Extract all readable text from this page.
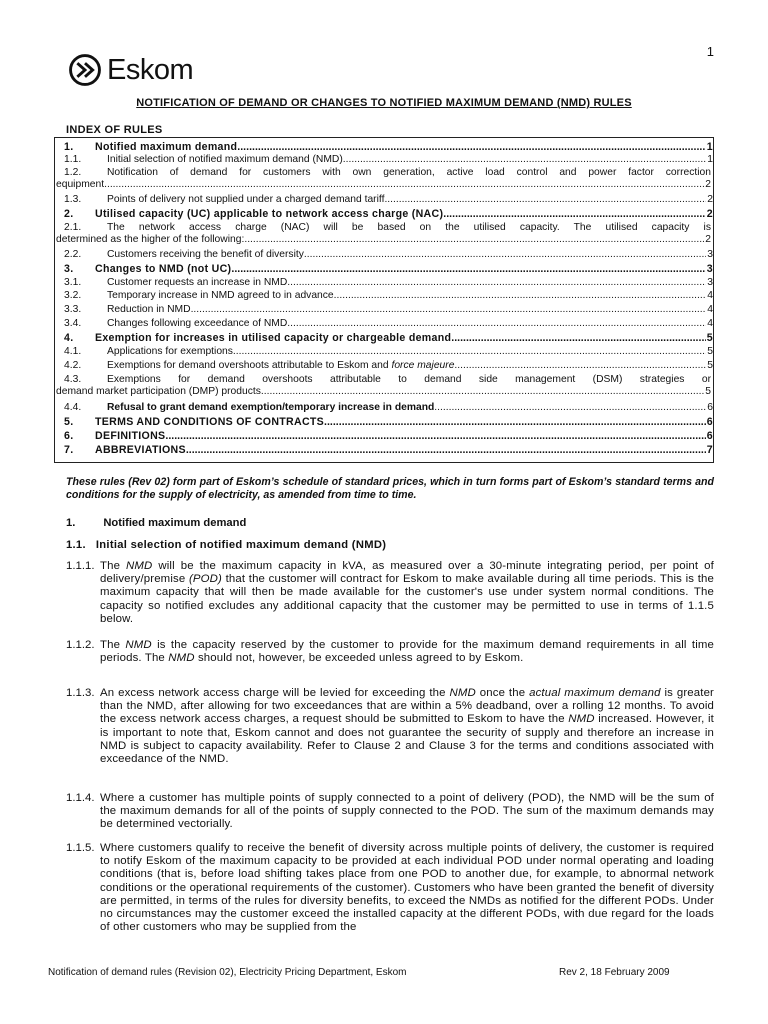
1
Eskom
NOTIFICATION OF DEMAND OR CHANGES TO NOTIFIED MAXIMUM DEMAND (NMD) RULES
INDEX OF RULES
1.	Notified maximum demand .....	1
1.1.	Initial selection of notified maximum demand (NMD) .....	1
1.2.	Notification of demand for customers with own generation, active load control and power factor correction
equipment .....	2
1.3.	Points of delivery not supplied under a charged demand tariff .....	2
2.	Utilised capacity (UC) applicable to network access charge (NAC) .....	2
2.1.	The network access charge (NAC) will be based on the utilised capacity. The utilised capacity is
determined as the higher of the following: .....	2
2.2.	Customers receiving the benefit of diversity .....	3
3.	Changes to NMD (not UC) .....	3
3.1.	Customer requests an increase in NMD .....	3
3.2.	Temporary increase in NMD agreed to in advance .....	4
3.3.	Reduction in NMD .....	4
3.4.	Changes following exceedance of NMD .....	4
4.	Exemption for increases in utilised capacity or chargeable demand .....	5
4.1.	Applications for exemptions .....	5
4.2.	Exemptions for demand overshoots attributable to Eskom and force majeure .....	5
4.3.	Exemptions for demand overshoots attributable to demand side management (DSM) strategies or
demand market participation (DMP) products .....	5
4.4.	Refusal to grant demand exemption/temporary increase in demand .....	6
5.	TERMS AND CONDITIONS OF CONTRACTS .....	6
6.	DEFINITIONS .....	6
7.	ABBREVIATIONS .....	7
These rules (Rev 02) form part of Eskom’s schedule of standard prices, which in turn forms part of Eskom’s standard terms and conditions for the supply of electricity, as amended from time to time.
1.	Notified maximum demand
1.1. Initial selection of notified maximum demand (NMD)
1.1.1. The NMD will be the maximum capacity in kVA, as measured over a 30-minute integrating period, per point of delivery/premise (POD) that the customer will contract for Eskom to make available during all time periods. This is the maximum capacity that will then be made available for the customer's use under system normal conditions. The capacity so notified excludes any additional capacity that the customer may be permitted to use in terms of 1.1.5 below.
1.1.2. The NMD is the capacity reserved by the customer to provide for the maximum demand requirements in all time periods. The NMD should not, however, be exceeded unless agreed to by Eskom.
1.1.3. An excess network access charge will be levied for exceeding the NMD once the actual maximum demand is greater than the NMD, after allowing for two exceedances that are within a 5% deadband, over a rolling 12 months. To avoid the excess network access charges, a request should be submitted to Eskom to have the NMD increased. However, it is important to note that, Eskom cannot and does not guarantee the security of supply and therefore an increase in NMD is subject to capacity availability. Refer to Clause 2 and Clause 3 for the terms and conditions associated with exceedance of the NMD.
1.1.4. Where a customer has multiple points of supply connected to a point of delivery (POD), the NMD will be the sum of the maximum demands for all of the points of supply connected to the POD. The sum of the maximum demands may be determined vectorially.
1.1.5. Where customers qualify to receive the benefit of diversity across multiple points of delivery, the customer is required to notify Eskom of the maximum capacity to be provided at each individual POD under normal operating and loading conditions (that is, before load shifting takes place from one POD to another due, for example, to abnormal network conditions or the operational requirements of the customer). Customers who have been granted the benefit of diversity are permitted, in terms of the rules for diversity benefits, to exceed the NMDs as notified for the different PODs. Under no circumstances may the customer exceed the installed capacity at the different PODs, with due regard for the loads of other customers who may be supplied from the
Notification of demand rules (Revision 02), Electricity Pricing Department, Eskom	Rev 2, 18 February 2009
